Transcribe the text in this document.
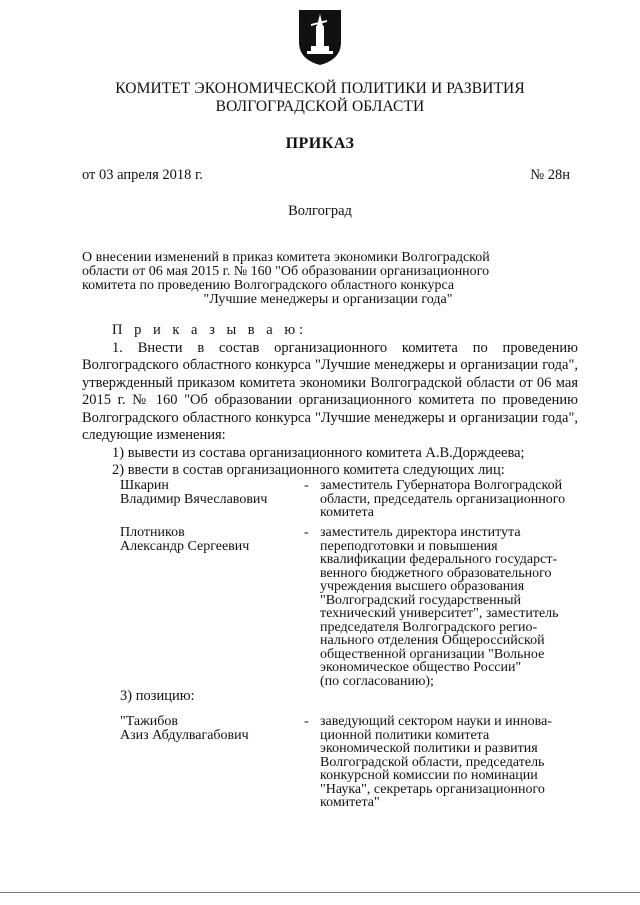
КОМИТЕТ ЭКОНОМИЧЕСКОЙ ПОЛИТИКИ И РАЗВИТИЯ
ВОЛГОГРАДСКОЙ ОБЛАСТИ
ПРИКАЗ
от 03 апреля 2018 г.	№ 28н
Волгоград
О внесении изменений в приказ комитета экономики Волгоградской
области от 06 мая 2015 г. № 160 "Об образовании организационного
комитета по проведению Волгоградского областного конкурса
"Лучшие менеджеры и организации года"

П р и к а з ы в а ю:

1. Внести в состав организационного комитета по проведению Волгоградского областного конкурса "Лучшие менеджеры и организации года", утвержденный приказом комитета экономики Волгоградской области от 06 мая 2015 г. № 160 "Об образовании организационного комитета по проведению Волгоградского областного конкурса "Лучшие менеджеры и организации года", следующие изменения:

1) вывести из состава организационного комитета А.В.Дорждеева;

2) ввести в состав организационного комитета следующих лиц:

Шкарин
Владимир Вячеславович
- заместитель Губернатора Волгоградской
области, председатель организационного
комитета
Плотников
Александр Сергеевич
- заместитель директора института
переподготовки и повышения
квалификации федерального государст-
венного бюджетного образовательного
учреждения высшего образования
"Волгоградский государственный
технический университет", заместитель
председателя Волгоградского регио-
нального отделения Общероссийской
общественной организации "Вольное
экономическое общество России"
(по согласованию);
3) позицию:
"Тажибов
Азиз Абдулвагабович
- заведующий сектором науки и иннова-
ционной политики комитета
экономической политики и развития
Волгоградской области, председатель
конкурсной комиссии по номинации
"Наука", секретарь организационного
комитета"
